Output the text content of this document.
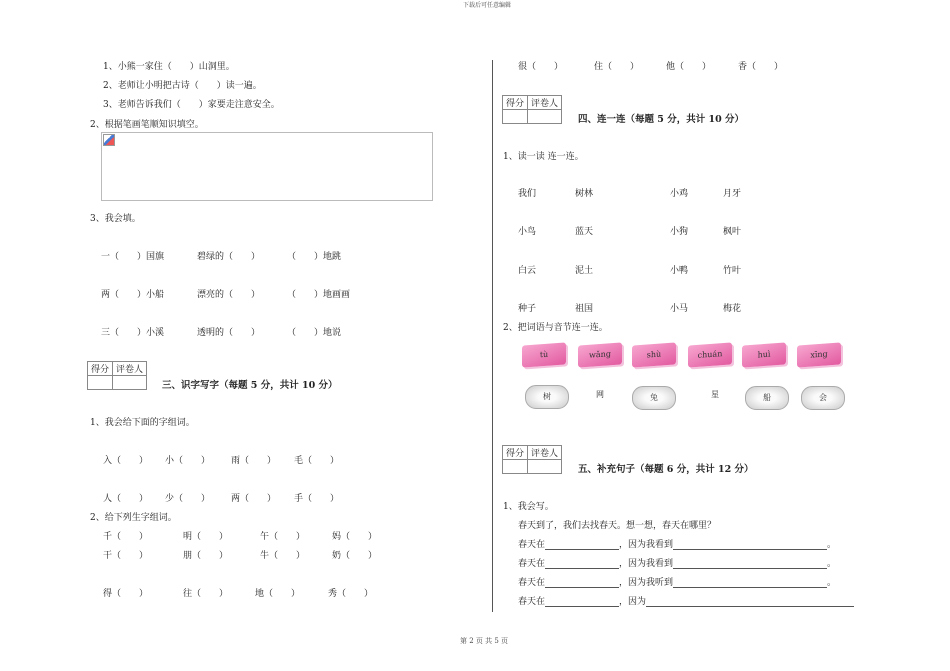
下载后可任意编辑
1、小熊一家住（　　）山洞里。
2、老师让小明把古诗（　　）读一遍。
3、老师告诉我们（　　）家要走注意安全。
2、根据笔画笔顺知识填空。
3、我会填。
一（　　）国旗	碧绿的（　　）	（　　）地跳
两（　　）小船	漂亮的（　　）	（　　）地画画
三（　　）小溪	透明的（　　）	（　　）地说
得分	评卷人

三、识字写字（每题 5 分，共计 10 分）
1、我会给下面的字组词。
入（　　） 小（　　） 雨（　　） 毛（　　）
人（　　） 少（　　） 两（　　） 手（　　）
2、给下列生字组词。
千（　　）	明（　　）	午（　　）	妈（　　）
干（　　）	朋（　　）	牛（　　）	奶（　　）
得（　　）	往（　　）	地（　　）	秀（　　）
很（　　）	住（　　）	他（　　）	香（　　）
得分	评卷人

四、连一连（每题 5 分，共计 10 分）
1、读一读 连一连。
我们	树林	小鸡	月牙
小鸟	蓝天	小狗	枫叶
白云	泥土	小鸭	竹叶
种子	祖国	小马	梅花
2、把词语与音节连一连。
tù	wǎng	shù	chuán	huì	xīng
树	网	兔	星	船	会
得分	评卷人

五、补充句子（每题 6 分，共计 12 分）
1、我会写。
春天到了，我们去找春天。想一想，春天在哪里？
春天在	，因为我看到	。
春天在	，因为我看到	。
春天在	，因为我听到	。
春天在	，因为
第 2 页 共 5 页
